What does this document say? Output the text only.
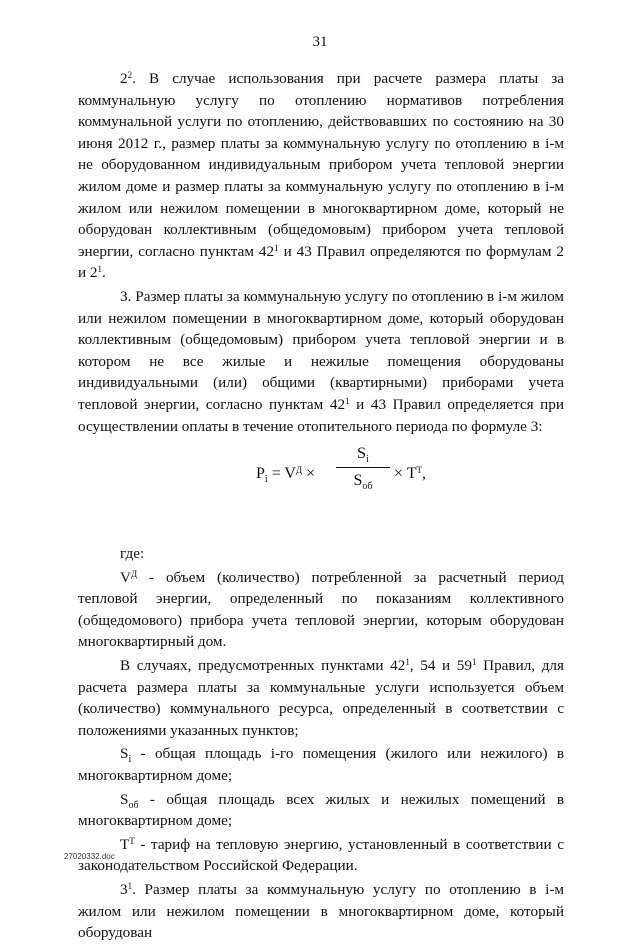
31

$2^2$. В случае использования при расчете размера платы за коммунальную услугу по отоплению нормативов потребления коммунальной услуги по отоплению, действовавших по состоянию на 30 июня 2012 г., размер платы за коммунальную услугу по отоплению в i-м не оборудованном индивидуальным прибором учета тепловой энергии жилом доме и размер платы за коммунальную услугу по отоплению в i-м жилом или нежилом помещении в многоквартирном доме, который не оборудован коллективным (общедомовым) прибором учета тепловой энергии, согласно пунктам $42^1$ и 43 Правил определяются по формулам 2 и $2^1$.

3. Размер платы за коммунальную услугу по отоплению в i-м жилом или нежилом помещении в многоквартирном доме, который оборудован коллективным (общедомовым) прибором учета тепловой энергии и в котором не все жилые и нежилые помещения оборудованы индивидуальными (или) общими (квартирными) приборами учета тепловой энергии, согласно пунктам $42^1$ и 43 Правил определяется при осуществлении оплаты в течение отопительного периода по формуле 3:

$P_i = V^Д$ ×
$S_i$
$S_{об}$
× $T^T$,

где:

$V^Д$ - объем (количество) потребленной за расчетный период тепловой энергии, определенный по показаниям коллективного (общедомового) прибора учета тепловой энергии, которым оборудован многоквартирный дом.

В случаях, предусмотренных пунктами $42^1$, 54 и $59^1$ Правил, для расчета размера платы за коммунальные услуги используется объем (количество) коммунального ресурса, определенный в соответствии с положениями указанных пунктов;

$S_i$ - общая площадь i-го помещения (жилого или нежилого) в многоквартирном доме;

$S_{об}$ - общая площадь всех жилых и нежилых помещений в многоквартирном доме;

$T^T$ - тариф на тепловую энергию, установленный в соответствии с законодательством Российской Федерации.

$3^1$. Размер платы за коммунальную услугу по отоплению в i-м жилом или нежилом помещении в многоквартирном доме, который оборудован

27020332.doc
